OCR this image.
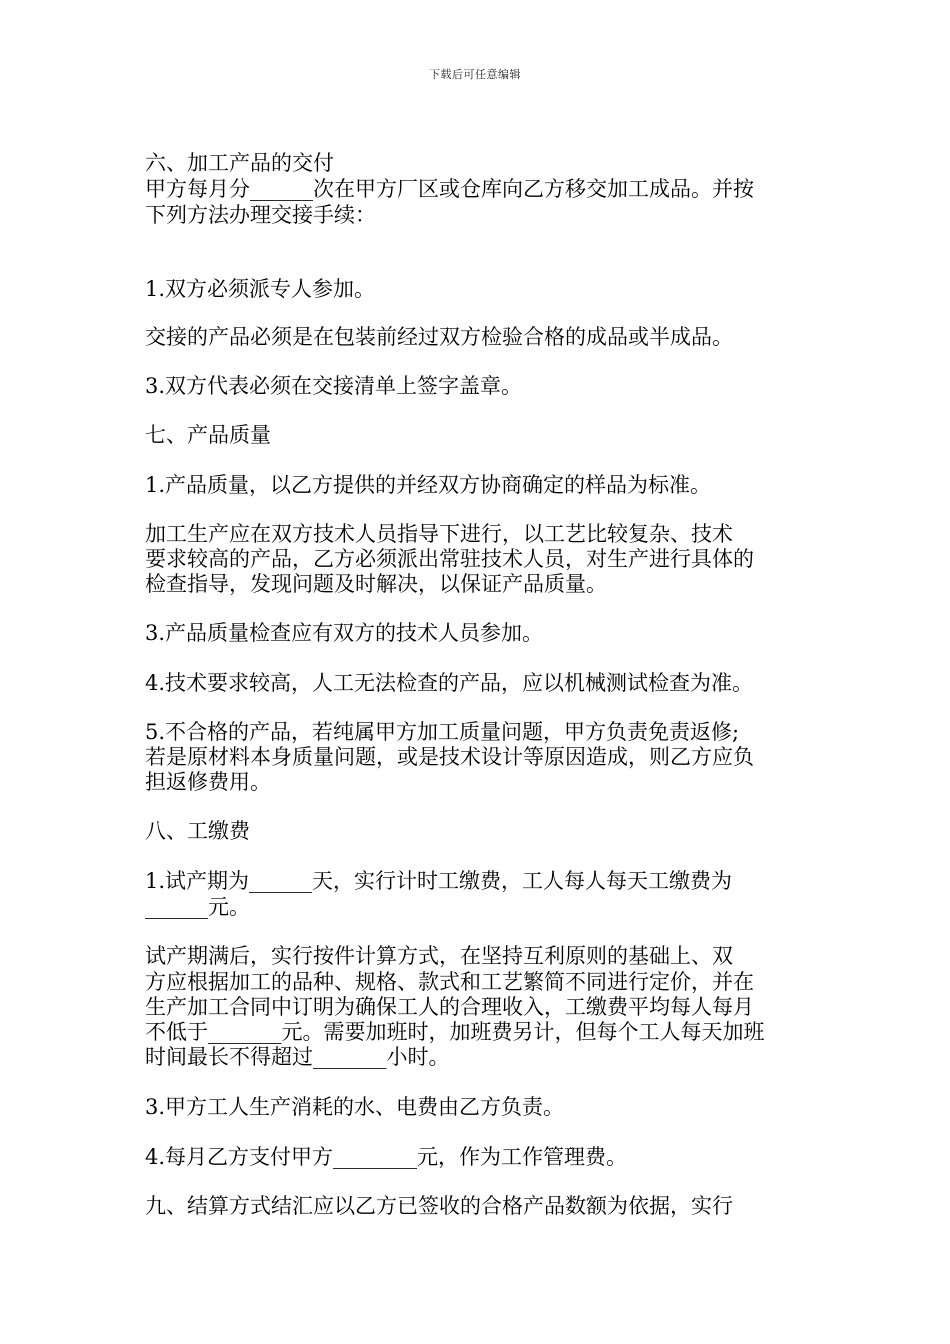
下载后可任意编辑
六、加工产品的交付
甲方每月分______次在甲方厂区或仓库向乙方移交加工成品。并按
下列方法办理交接手续：
1.双方必须派专人参加。
交接的产品必须是在包装前经过双方检验合格的成品或半成品。
3.双方代表必须在交接清单上签字盖章。
七、产品质量
1.产品质量，以乙方提供的并经双方协商确定的样品为标准。
加工生产应在双方技术人员指导下进行，以工艺比较复杂、技术
要求较高的产品，乙方必须派出常驻技术人员，对生产进行具体的
检查指导，发现问题及时解决，以保证产品质量。
3.产品质量检查应有双方的技术人员参加。
4.技术要求较高，人工无法检查的产品，应以机械测试检查为准。
5.不合格的产品，若纯属甲方加工质量问题，甲方负责免责返修;
若是原材料本身质量问题，或是技术设计等原因造成，则乙方应负
担返修费用。
八、工缴费
1.试产期为______天，实行计时工缴费，工人每人每天工缴费为
______元。
试产期满后，实行按件计算方式，在坚持互利原则的基础上、双
方应根据加工的品种、规格、款式和工艺繁简不同进行定价，并在
生产加工合同中订明为确保工人的合理收入，工缴费平均每人每月
不低于_______元。需要加班时，加班费另计，但每个工人每天加班
时间最长不得超过_______小时。
3.甲方工人生产消耗的水、电费由乙方负责。
4.每月乙方支付甲方________元，作为工作管理费。
九、结算方式结汇应以乙方已签收的合格产品数额为依据，实行
